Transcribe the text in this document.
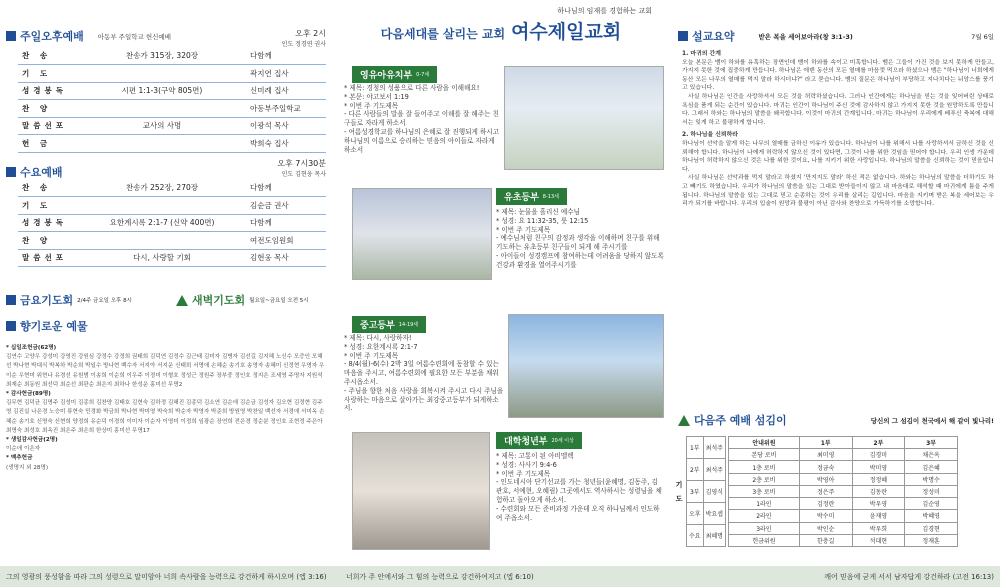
주일오후예배 아동부 주일학교 헌신예배	오후 2시
인도 정경연 권사
찬 송	찬송가 315장, 320장	다함께
기 도		곽지연 집사
성경봉독	시편 1:1-3(구약 805면)	신미례 집사
찬 양		아동부주일학교
말씀선포	교사의 사명	이광석 목사
헌 금		박희숙 집사
수요예배
오후 7시30분
인도 김현웅 목사
찬 송	찬송가 252장, 270장	다함께
기 도		김순금 권사
성경봉독	요한계시록 2:1-7 (신약 400면)	다함께
찬 양		여전도임원회
말씀선포	다시, 사랑할 기회	김현웅 목사
금요기도회 2/4주 금요일 오후 8시	새벽기도회 월요일~금요일 오전 5시
향기로운 예물
* 십일조헌금(62명)
김연수 고양우 강성미 강영진 강원심 강정수 강정희 권태희 김덕연 김정수 김근태 김미자 김병자 김선길 김지혜 노신수 모증인 모혜선 박나현 박대식 박복하 박순희 박일수 방나현 백수자 서지아 서지운 신태희 서명애 손혜순 송기호 송영자 송혜미 신정현 우명자 우이순 우현미 위현나 유경선 유원범 이송희 이순희 이우주 이정미 이형호 정성근 정원주 장부중 정인호 정지은 조세영 주명자 지원석 최재순 최동원 최선덕 최순선 최판순 최은지 최하나 한성운 홍미선 무명2
* 감사헌금(89명)
김무현 김덕균 김명주 김성미 김종희 김찬양 김태호 김현숙 김하정 김혜진 김종덕 김소연 김순애 김순금 김성자 김오현 김정현 김주영 김진실 나은경 노승미 류현숙 민경화 박금희 박나현 박미영 박숙희 박순자 박영자 박준희 방원영 박찬일 백선자 서경애 서미옥 손혜순 송기호 신명숙 신현희 양정희 유순덕 이경희 이미자 이순자 이영미 이정희 임광순 장연희 전은경 정순분 정인호 조현정 주은아 최명숙 최성호 최옥진 최은주 최은희 한상미 홍미선 무명17
* 생일감사헌금(2명)
이순애 이은자
* 맥추헌금
(생명지 외 28명)
하나님의 임재를 경험하는 교회
다음세대를 살리는 교회 여수제일교회
영유아유치부 0-7세
* 제목: 경청의 성품으로 다른 사람을 이해해요!
* 본문: 야고보서 1:19
* 이번 주 기도제목
- 다른 사람들의 말을 잘 들어주고 이해를 잘 해주는 친구들로 자라게 하소서
- 여름성경학교를 하나님의 은혜로 잘 진행되게 하시고 하나님의 이름으로 승리하는 믿음의 아이들로 자라게 하소서
유초등부 8-13세
* 제목: 눈물을 흘리신 예수님
* 성경: 요 11:32-35, 룻 12:15
* 이번 주 기도제목
- 예수님처럼 친구의 감정과 생각을 이해하며 친구를 위해 기도하는 유초등부 친구들이 되게 해 주시기를
- 아이들이 성경캠프에 참여하는데 어려움을 당하지 않도록 건강과 환경을 열어주시기를
중고등부 14-19세
* 제목: 다시, 사랑하자!
* 성경: 요한계시록 2:1-7
* 이번 주 기도제목
- 8/4(월)-6(수) 2박 3일 여름수련회에 동참할 수 있는 마음을 주시고, 여름수련회에 필요한 모든 부분을 채워주시옵소서.
- 주님을 향한 처음 사랑을 회복시켜 주시고 다시 주님을 사랑하는 마음으로 살아가는 최강중고등부가 되게하소서.
대학청년부 20세 이상
* 제목: 고통이 된 아비멜렉
* 성경: 사사기 9:4-6
* 이번 주 기도제목
- 인도네시아 단기선교를 가는 청년들(윤혜명, 김동주, 김관호, 서예현, 오혜림) 그곳에서도 역사하시는 성령님을 체험하고 돌아오게 하소서.
- 수련회와 모든 준비과정 가운데 오직 하나님께서 인도하여 주옵소서.
설교요약	받은 복을 세어보아라(창 3:1-3)	7월 6일
1. 마귀의 간계

오늘 본문은 뱀이 하와를 유혹하는 장면인데 뱀이 하와를 속이고 미혹합니다. 뱀은 그들이 가진 것을 보지 못하게 만들고, 가지지 못한 것에 집중하게 만듭니다. 하나님은 에덴 동산의 모든 열매를 마음껏 먹으라 하셨으나 뱀은 "하나님이 너희에게 동산 모든 나무의 열매를 먹지 말라 하시더냐?" 라고 묻습니다. 뱀의 질문은 하나님이 부당하고 지나치다는 뉘앙스를 풍기고 있습니다.

사실 하나님은 인간을 사랑하셔서 모든 것을 허락하셨습니다. 그러나 인간에게는 하나님을 믿는 것을 잊어버린 상태로 욕심을 품게 되는 순간이 있습니다. 마귀는 인간이 하나님이 주신 것에 감사하지 않고 가지지 못한 것을 원망하도록 만듭니다. 그래서 하와는 하나님의 말씀을 왜곡합니다. 이것이 마귀의 간계입니다. 마귀는 하나님이 우리에게 베푸신 축복에 대해서는 잊게 하고 불평하게 합니다.

2. 하나님을 신뢰하라

하나님이 선악을 알게 하는 나무의 열매를 금하신 이유가 있습니다. 하나님이 나를 위해서 나를 사랑하셔서 금하신 것을 신뢰해야 합니다. 하나님이 나에게 허락하지 않으신 것이 있다면, 그것이 나를 위한 것임을 믿어야 합니다. 우리 인생 가운데 하나님이 허락하지 않으신 것은 나를 위한 것이요, 나를 지키기 위한 사랑입니다. 하나님의 말씀을 신뢰하는 것이 믿음입니다.

사실 하나님은 선악과를 먹지 말라고 하셨지 '만지지도 말라' 하신 적은 없습니다. 하와는 하나님의 말씀을 더하기도 하고 빼기도 하였습니다. 우리가 하나님의 말씀을 있는 그대로 받아들이지 않고 내 마음대로 해석할 때 마귀에게 틈을 주게 됩니다. 하나님의 말씀을 있는 그대로 믿고 순종하는 것이 우리를 살리는 길입니다. 마음을 지키며 받은 복을 세어보는 우리가 되기를 바랍니다. 우리의 입술이 원망과 불평이 아닌 감사와 찬양으로 가득하기를 소망합니다.

다음주 예배 섬김이	당신의 그 섬김이 천국에서 해 같이 빛나리!
기
도
1부	최석주
2부	최석주
3부	김영식
오후	박요셉
수요	최혜명
안내위원	1부	2부	3부
본당 로비	최미영	김경미	채은옥
1층 로비	정금숙	박미영	김은혜
2층 로비	박영아	정정혜	박명수
3층 로비	정은주	김동란	정성미
1라인	김정란	박우영	김순영
2라인	박수미	윤재영	박혜영
3라인	박인순	박우희	김경현
헌금위원	한충길	석대현	정재훈
그의 영광의 풍성함을 따라 그의 성령으로 말미암아 너희 속사람을 능력으로 강건하게 하시오며 (엡 3:16)	너희가 주 안에서와 그 힘의 능력으로 강건하여지고 (엡 6:10)	깨어 믿음에 굳게 서서 남자답게 강건하라 (고전 16:13)
